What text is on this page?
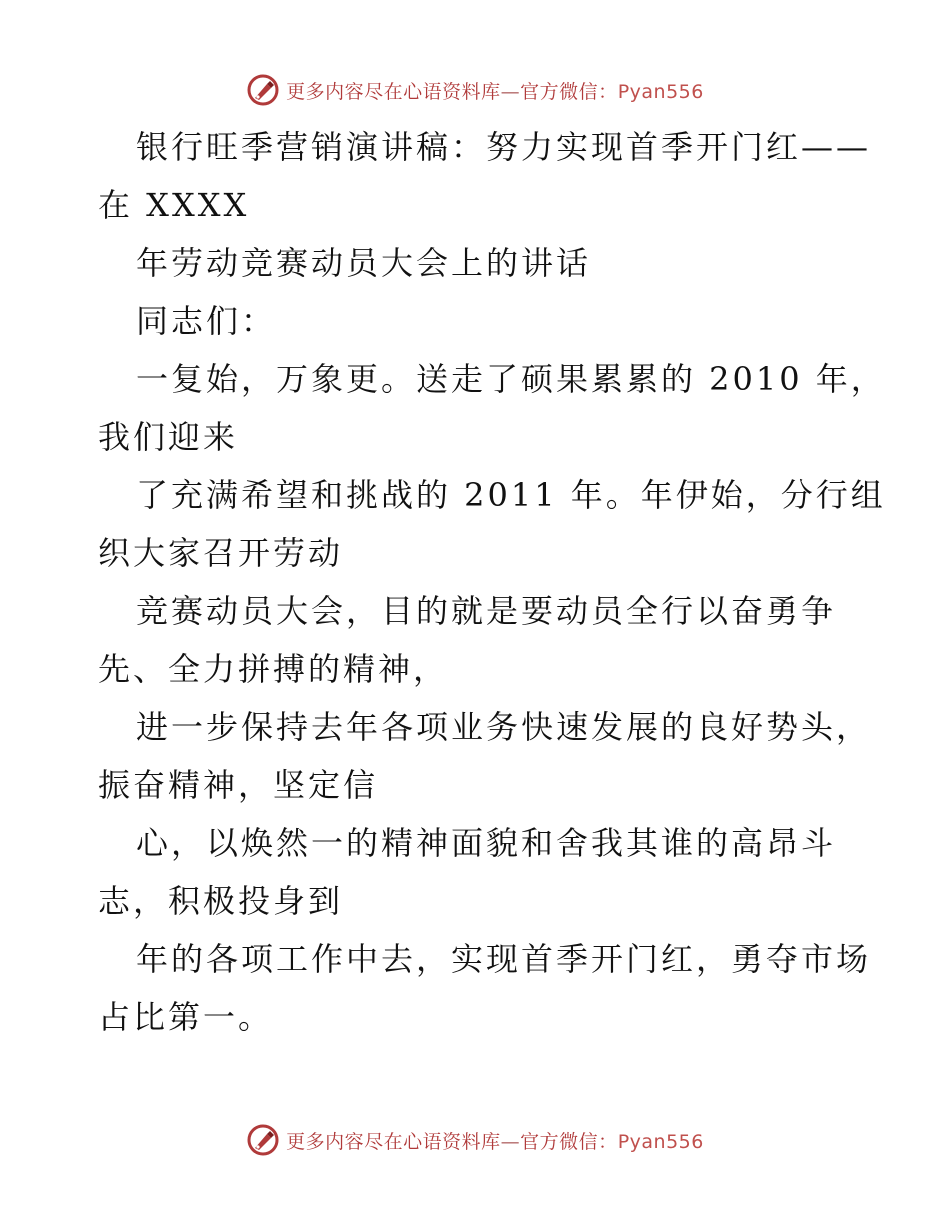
更多内容尽在心语资料库—官方微信：Pyan556

银行旺季营销演讲稿：努力实现首季开门红——

在 XXXX

年劳动竞赛动员大会上的讲话

同志们：

一复始，万象更。送走了硕果累累的 2010 年，

我们迎来

了充满希望和挑战的 2011 年。年伊始，分行组

织大家召开劳动

竞赛动员大会，目的就是要动员全行以奋勇争

先、全力拼搏的精神，

进一步保持去年各项业务快速发展的良好势头，

振奋精神，坚定信

心，以焕然一的精神面貌和舍我其谁的高昂斗

志，积极投身到

年的各项工作中去，实现首季开门红，勇夺市场

占比第一。

更多内容尽在心语资料库—官方微信：Pyan556
